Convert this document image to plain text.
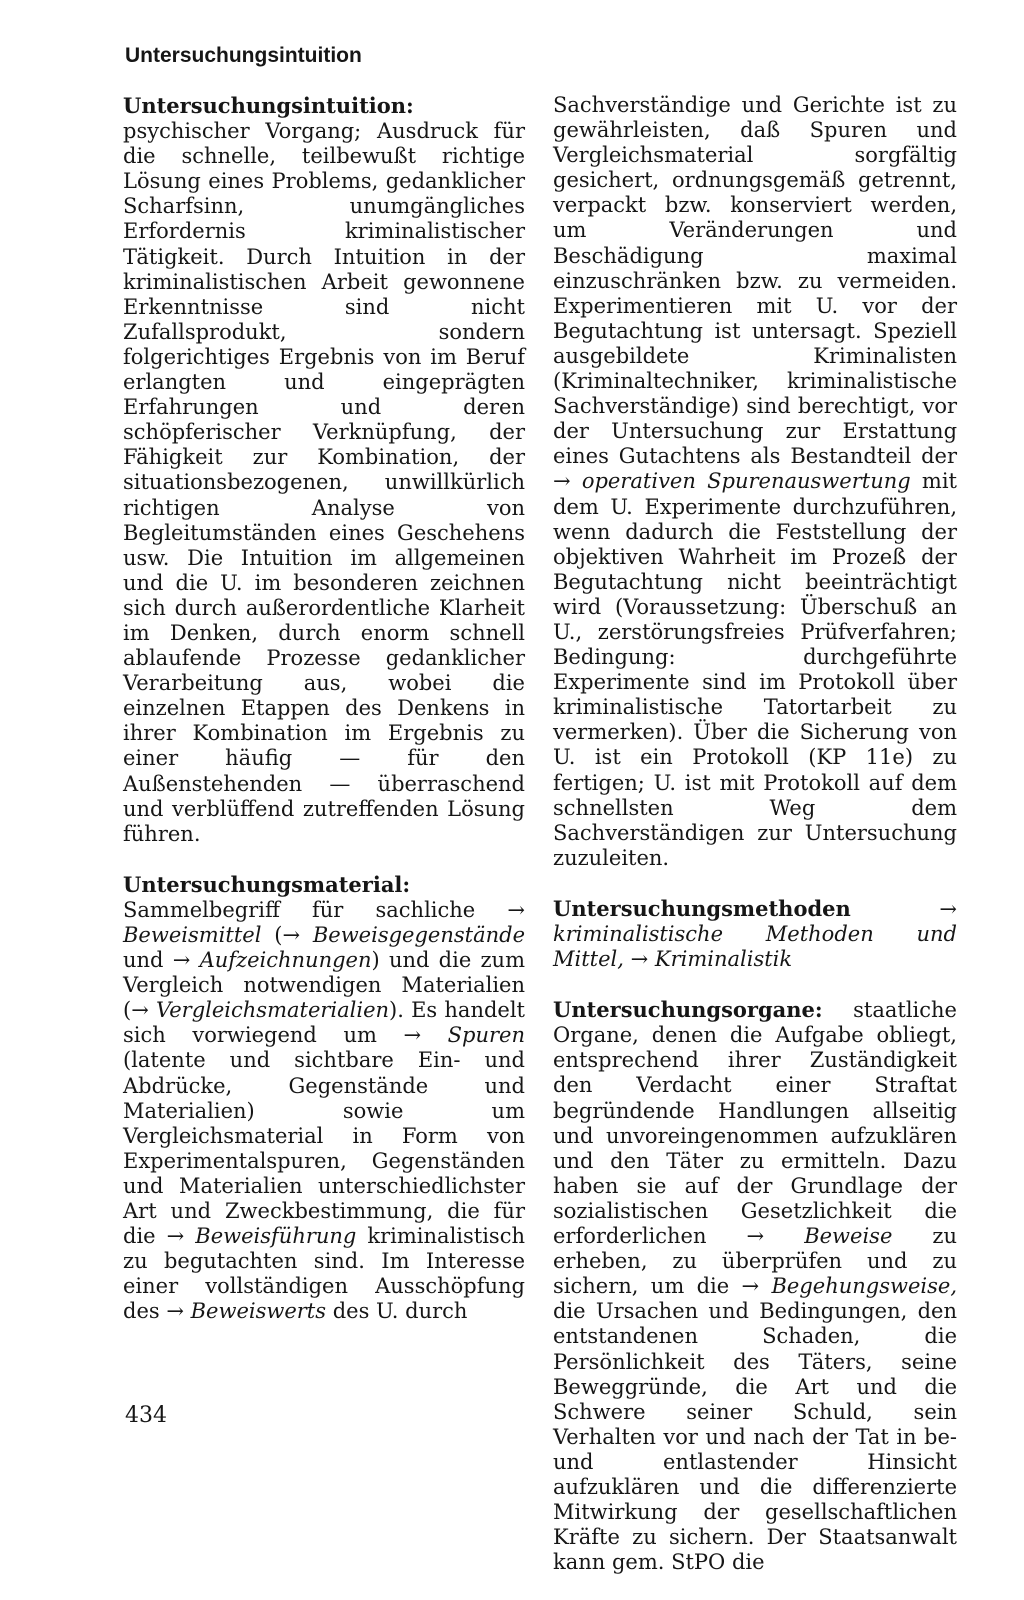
Untersuchungsintuition

Untersuchungsintuition: psychischer Vorgang; Ausdruck für die schnelle, teilbewußt richtige Lösung eines Problems, gedanklicher Scharfsinn, unumgängliches Erfordernis kriminalistischer Tätigkeit. Durch Intuition in der kriminalistischen Arbeit gewonnene Erkenntnisse sind nicht Zufallsprodukt, sondern folgerichtiges Ergebnis von im Beruf erlangten und eingeprägten Erfahrungen und deren schöpferischer Verknüpfung, der Fähigkeit zur Kombination, der situationsbezogenen, unwillkürlich richtigen Analyse von Begleitumständen eines Geschehens usw. Die Intuition im allgemeinen und die U. im besonderen zeichnen sich durch außerordentliche Klarheit im Denken, durch enorm schnell ablaufende Prozesse gedanklicher Verarbeitung aus, wobei die einzelnen Etappen des Denkens in ihrer Kombination im Ergebnis zu einer häufig — für den Außenstehenden — überraschend und verblüffend zutreffenden Lösung führen.

Untersuchungsmaterial: Sammelbegriff für sachliche → Beweismittel (→ Beweisgegenstände und → Aufzeichnungen) und die zum Vergleich notwendigen Materialien (→ Vergleichsmaterialien). Es handelt sich vorwiegend um → Spuren (latente und sichtbare Ein- und Abdrücke, Gegenstände und Materialien) sowie um Vergleichsmaterial in Form von Experimentalspuren, Gegenständen und Materialien unterschiedlichster Art und Zweckbestimmung, die für die → Beweisführung kriminalistisch zu begutachten sind. Im Interesse einer vollständigen Ausschöpfung des → Beweiswerts des U. durch

Sachverständige und Gerichte ist zu gewährleisten, daß Spuren und Vergleichsmaterial sorgfältig gesichert, ordnungsgemäß getrennt, verpackt bzw. konserviert werden, um Veränderungen und Beschädigung maximal einzuschränken bzw. zu vermeiden. Experimentieren mit U. vor der Begutachtung ist untersagt. Speziell ausgebildete Kriminalisten (Kriminaltechniker, kriminalistische Sachverständige) sind berechtigt, vor der Untersuchung zur Erstattung eines Gutachtens als Bestandteil der → operativen Spurenauswertung mit dem U. Experimente durchzuführen, wenn dadurch die Feststellung der objektiven Wahrheit im Prozeß der Begutachtung nicht beeinträchtigt wird (Voraussetzung: Überschuß an U., zerstörungsfreies Prüfverfahren; Bedingung: durchgeführte Experimente sind im Protokoll über kriminalistische Tatortarbeit zu vermerken). Über die Sicherung von U. ist ein Protokoll (KP 11e) zu fertigen; U. ist mit Protokoll auf dem schnellsten Weg dem Sachverständigen zur Untersuchung zuzuleiten.

Untersuchungsmethoden	→ kriminalistische Methoden und Mittel, → Kriminalistik

Untersuchungsorgane: staatliche Organe, denen die Aufgabe obliegt, entsprechend ihrer Zuständigkeit den Verdacht einer Straftat begründende Handlungen allseitig und unvoreingenommen aufzuklären und den Täter zu ermitteln. Dazu haben sie auf der Grundlage der sozialistischen Gesetzlichkeit die erforderlichen → Beweise zu erheben, zu überprüfen und zu sichern, um die → Begehungsweise, die Ursachen und Bedingungen, den entstandenen Schaden, die Persönlichkeit des Täters, seine Beweggründe, die Art und die Schwere seiner Schuld, sein Verhalten vor und nach der Tat in be- und entlastender Hinsicht aufzuklären und die differenzierte Mitwirkung der gesellschaftlichen Kräfte zu sichern. Der Staatsanwalt kann gem. StPO die

434
